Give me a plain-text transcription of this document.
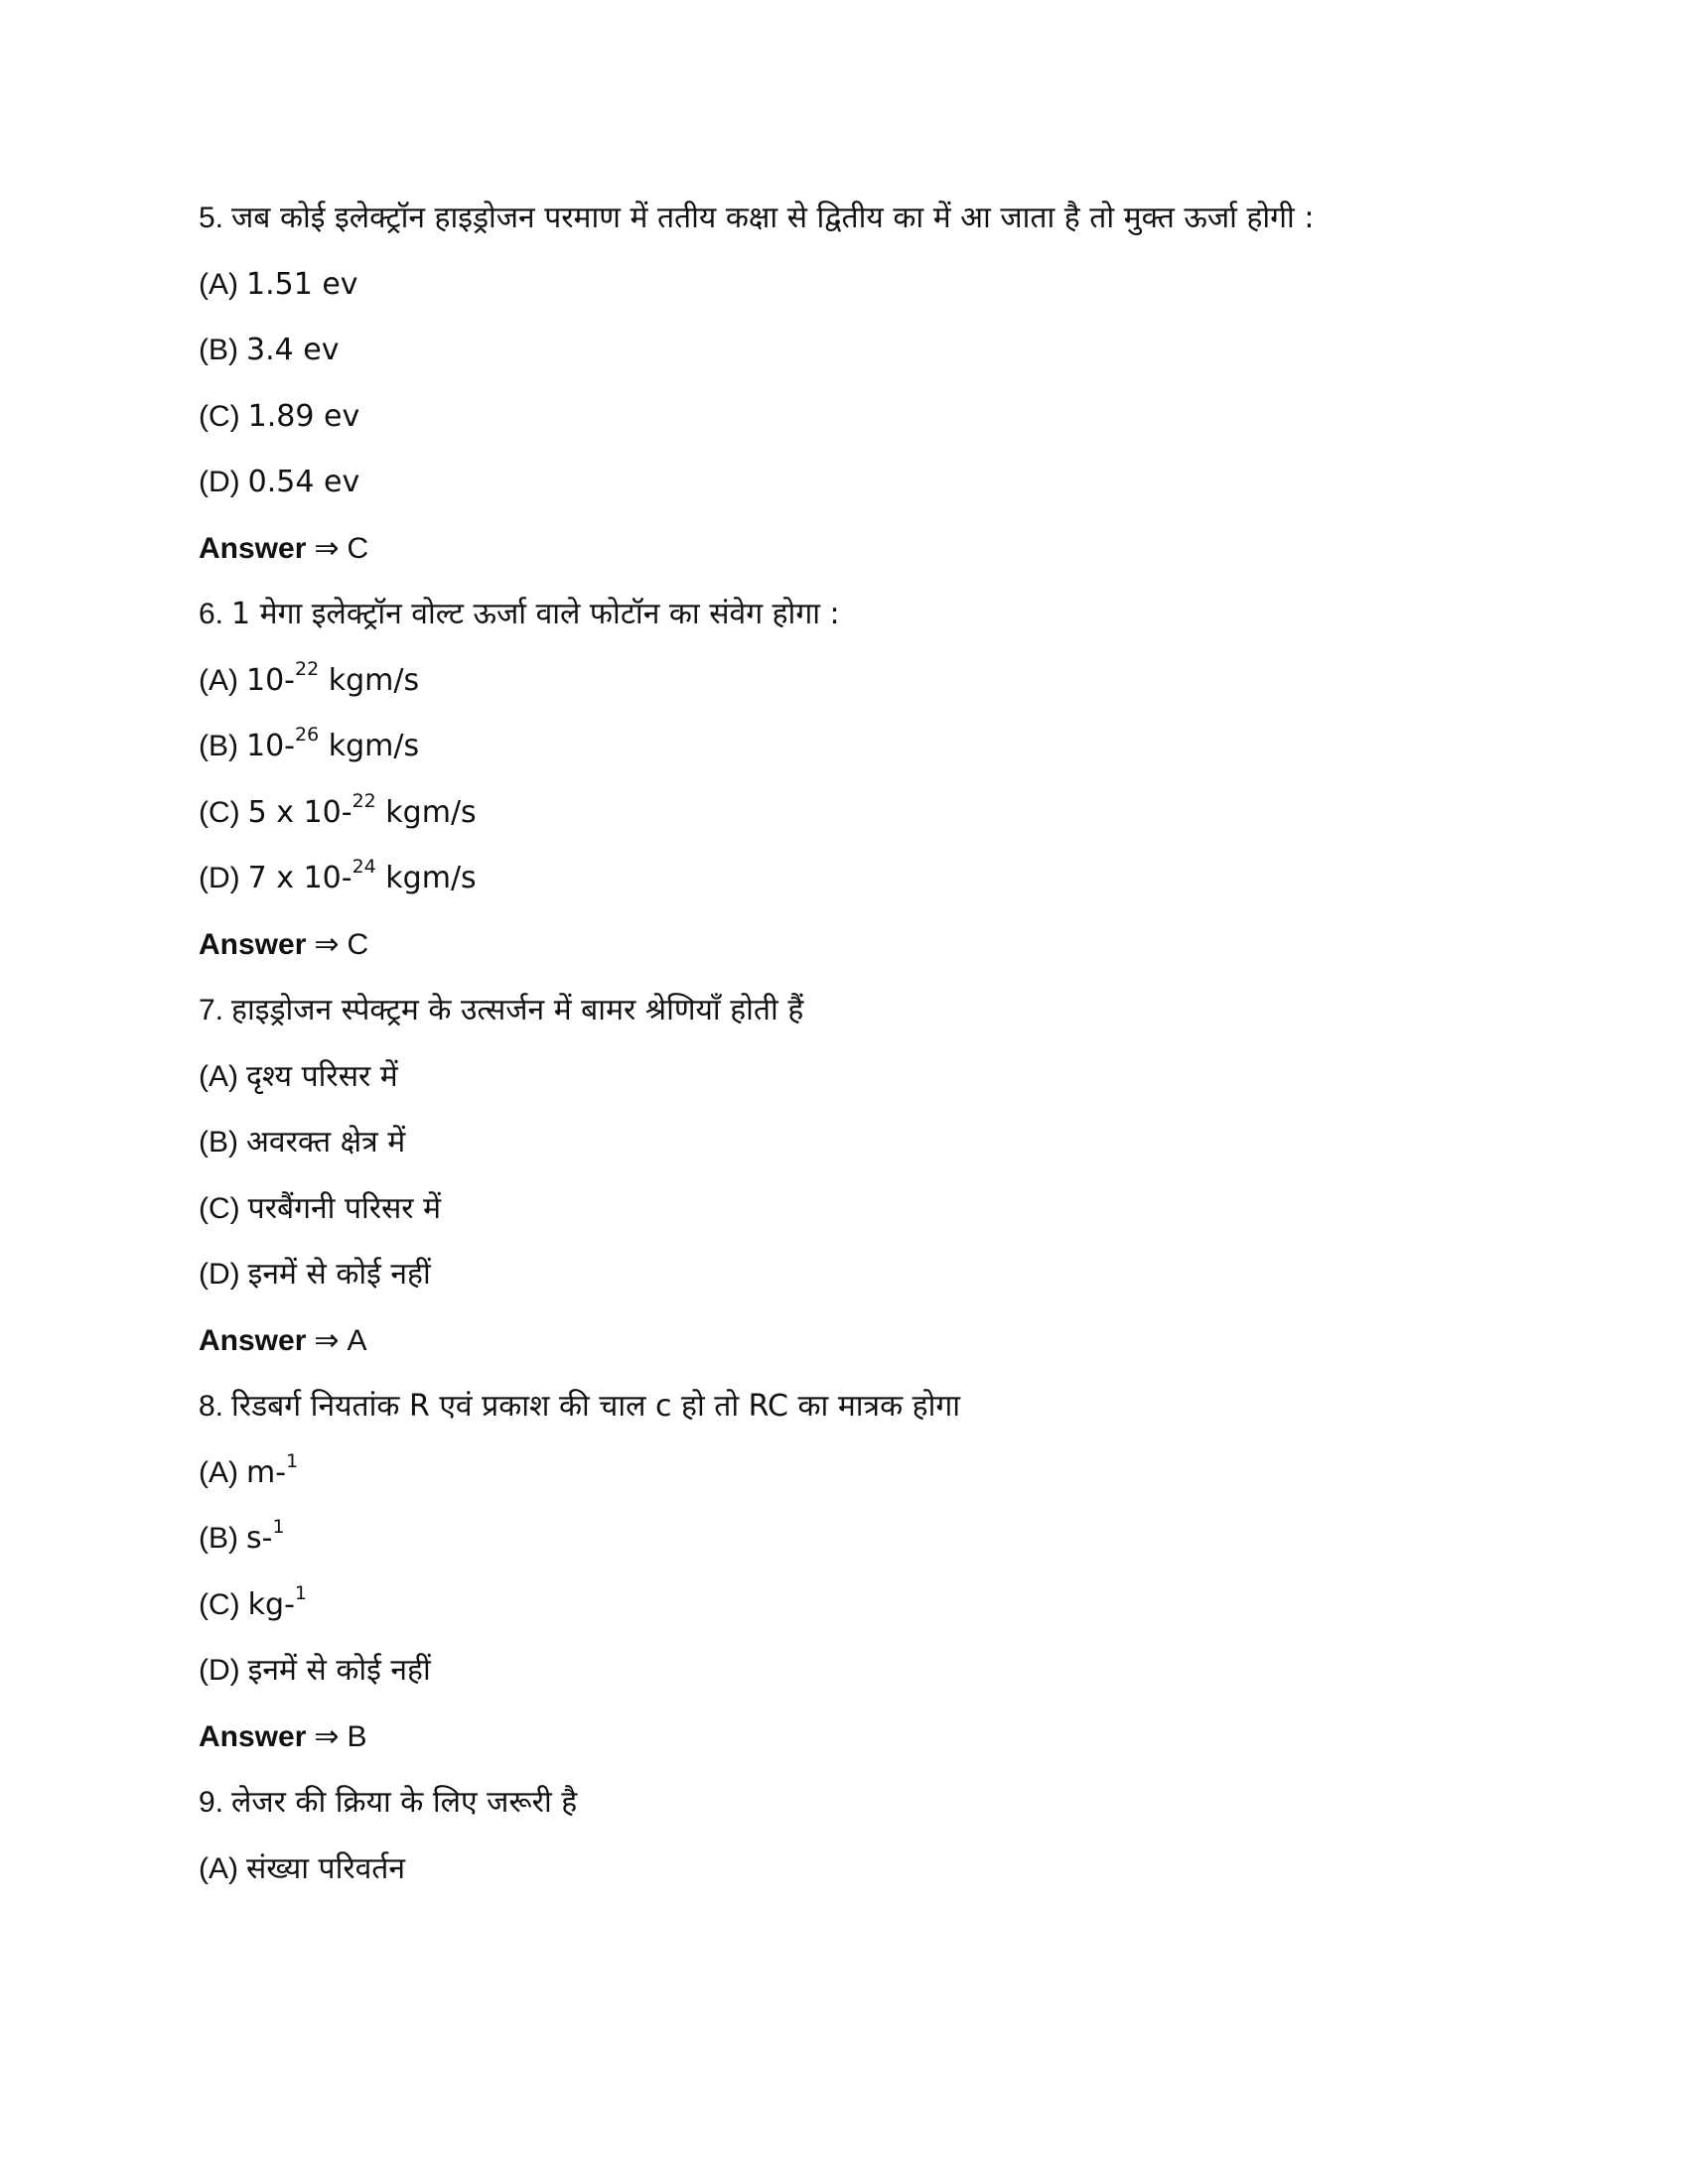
5. जब कोई इलेक्ट्रॉन हाइड्रोजन परमाण में ततीय कक्षा से द्वितीय का में आ जाता है तो मुक्त ऊर्जा होगी :
(A) 1.51 ev
(B) 3.4 ev
(C) 1.89 ev
(D) 0.54 ev
Answer ⇒ C
6. 1 मेगा इलेक्ट्रॉन वोल्ट ऊर्जा वाले फोटॉन का संवेग होगा :
(A) 10-$^{22}$ kgm/s
(B) 10-$^{26}$ kgm/s
(C) 5 x 10-$^{22}$ kgm/s
(D) 7 x 10-$^{24}$ kgm/s
Answer ⇒ C
7. हाइड्रोजन स्पेक्ट्रम के उत्सर्जन में बामर श्रेणियाँ होती हैं
(A) दृश्य परिसर में
(B) अवरक्त क्षेत्र में
(C) परबैंगनी परिसर में
(D) इनमें से कोई नहीं
Answer ⇒ A
8. रिडबर्ग नियतांक R एवं प्रकाश की चाल c हो तो RC का मात्रक होगा
(A) m-$^1$
(B) s-$^1$
(C) kg-$^1$
(D) इनमें से कोई नहीं
Answer ⇒ B
9. लेजर की क्रिया के लिए जरूरी है
(A) संख्या परिवर्तन
